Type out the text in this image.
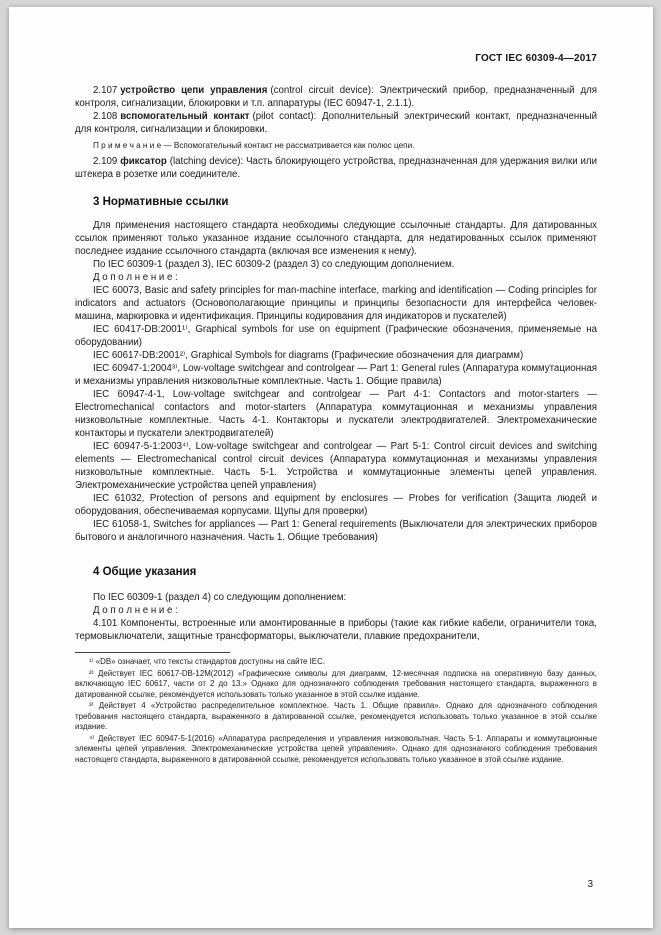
ГОСТ IEC 60309-4—2017

2.107 устройство цепи управления (control circuit device): Электрический прибор, предназначенный для контроля, сигнализации, блокировки и т.п. аппаратуры (IEC 60947-1, 2.1.1).

2.108 вспомогательный контакт (pilot contact): Дополнительный электрический контакт, предназначенный для контроля, сигнализации и блокировки.

П р и м е ч а н и е — Вспомогательный контакт не рассматривается как полюс цепи.

2.109 фиксатор (latching device): Часть блокирующего устройства, предназначенная для удержания вилки или штекера в розетке или соединителе.

3 Нормативные ссылки

Для применения настоящего стандарта необходимы следующие ссылочные стандарты. Для датированных ссылок применяют только указанное издание ссылочного стандарта, для недатированных ссылок применяют последнее издание ссылочного стандарта (включая все изменения к нему).

По IEC 60309-1 (раздел 3), IEC 60309-2 (раздел 3) со следующим дополнением.

Д о п о л н е н и е :

IEC 60073, Basic and safety principles for man-machine interface, marking and identification — Coding principles for indicators and actuators (Основополагающие принципы и принципы безопасности для интерфейса человек-машина, маркировка и идентификация. Принципы кодирования для индикаторов и пускателей)

IEC 60417-DB:2001¹⁾, Graphical symbols for use on equipment (Графические обозначения, применяемые на оборудовании)

IEC 60617-DB:2001²⁾, Graphical Symbols for diagrams (Графические обозначения для диаграмм)

IEC 60947-1:2004³⁾, Low-voltage switchgear and controlgear — Part 1: General rules (Аппаратура коммутационная и механизмы управления низковольтные комплектные. Часть 1. Общие правила)

IEC 60947-4-1, Low-voltage switchgear and controlgear — Part 4-1: Contactors and motor-starters — Electromechanical contactors and motor-starters (Аппаратура коммутационная и механизмы управления низковольтные комплектные. Часть 4-1. Контакторы и пускатели электродвигателей. Электромеханические контакторы и пускатели электродвигателей)

IEC 60947-5-1:2003⁴⁾, Low-voltage switchgear and controlgear — Part 5-1: Control circuit devices and switching elements — Electromechanical control circuit devices (Аппаратура коммутационная и механизмы управления низковольтные комплектные. Часть 5-1. Устройства и коммутационные элементы цепей управления. Электромеханические устройства цепей управления)

IEC 61032, Protection of persons and equipment by enclosures — Probes for verification (Защита людей и оборудования, обеспечиваемая корпусами. Щупы для проверки)

IEC 61058-1, Switches for appliances — Part 1: General requirements (Выключатели для электрических приборов бытового и аналогичного назначения. Часть 1. Общие требования)

4 Общие указания

По IEC 60309-1 (раздел 4) со следующим дополнением:

Д о п о л н е н и е :

4.101 Компоненты, встроенные или амонтированные в приборы (такие как гибкие кабели, ограничители тока, термовыключатели, защитные трансформаторы, выключатели, плавкие предохранители,

¹⁾ «DB» означает, что тексты стандартов доступны на сайте IEC.

²⁾ Действует IEC 60617-DB-12M(2012) «Графические символы для диаграмм, 12-месячная подписка на оперативную базу данных, включающую IEC 60617, части от 2 до 13.» Однако для однозначного соблюдения требования настоящего стандарта, выраженного в датированной ссылке, рекомендуется использовать только указанное в этой ссылке издание.

³⁾ Действует 4 «Устройство распределительное комплектное. Часть 1. Общие правила». Однако для однозначного соблюдения требования настоящего стандарта, выраженного в датированной ссылке, рекомендуется использовать только указанное в этой ссылке издание.

⁴⁾ Действует IEC 60947-5-1(2016) «Аппаратура распределения и управления низковольтная. Часть 5-1. Аппараты и коммутационные элементы цепей управления. Электромеханические устройства цепей управления». Однако для однозначного соблюдения требования настоящего стандарта, выраженного в датированной ссылке, рекомендуется использовать только указанное в этой ссылке издание.

3
